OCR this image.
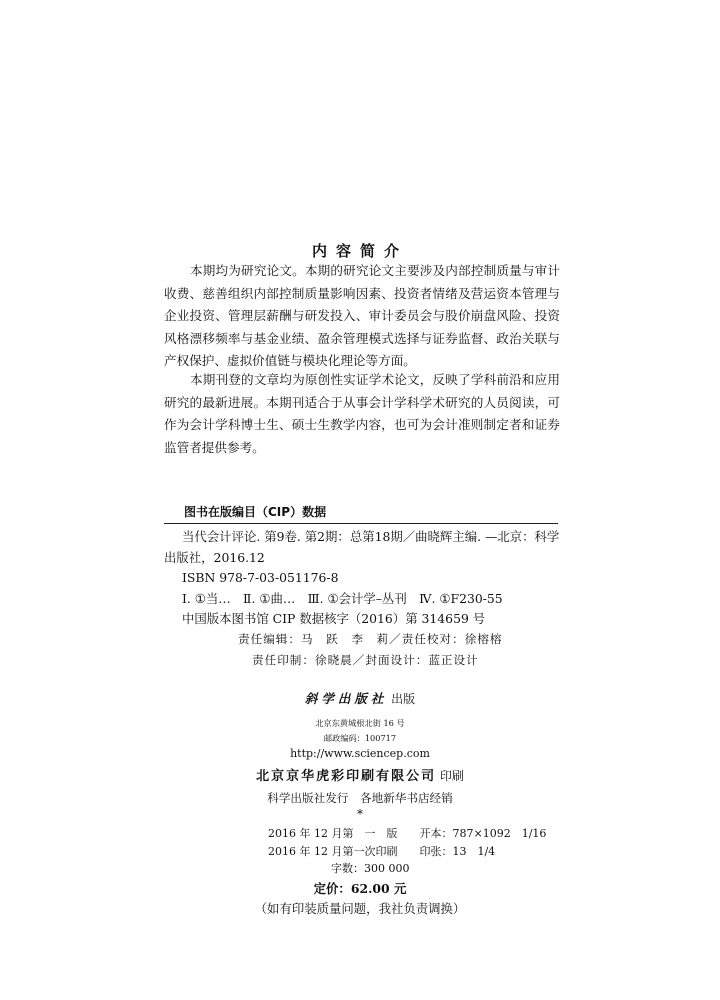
内容简介

本期均为研究论文。本期的研究论文主要涉及内部控制质量与审计收费、慈善组织内部控制质量影响因素、投资者情绪及营运资本管理与企业投资、管理层薪酬与研发投入、审计委员会与股价崩盘风险、投资风格漂移频率与基金业绩、盈余管理模式选择与证券监督、政治关联与产权保护、虚拟价值链与模块化理论等方面。

本期刊登的文章均为原创性实证学术论文，反映了学科前沿和应用研究的最新进展。本期刊适合于从事会计学科学术研究的人员阅读，可作为会计学科博士生、硕士生教学内容，也可为会计准则制定者和证券监管者提供参考。

图书在版编目（CIP）数据
当代会计评论. 第9卷. 第2期：总第18期／曲晓辉主编. —北京：科学
出版社，2016.12
ISBN 978-7-03-051176-8
Ⅰ. ①当…　Ⅱ. ①曲…　Ⅲ. ①会计学–丛刊　Ⅳ. ①F230-55
中国版本图书馆 CIP 数据核字（2016）第 314659 号
责任编辑：马　跃　李　莉／责任校对：徐榕榕
责任印制：徐晓晨／封面设计：蓝正设计
斜学出版社 出版
北京东黄城根北街 16 号
邮政编码：100717
http://www.sciencep.com
北京京华虎彩印刷有限公司 印刷
科学出版社发行　各地新华书店经销
*
2016 年 12 月第　一　版 开本：787×1092　1/16
2016 年 12 月第一次印刷 印张：13　1/4
字数：300 000
定价：62.00 元
（如有印装质量问题，我社负责调换）
